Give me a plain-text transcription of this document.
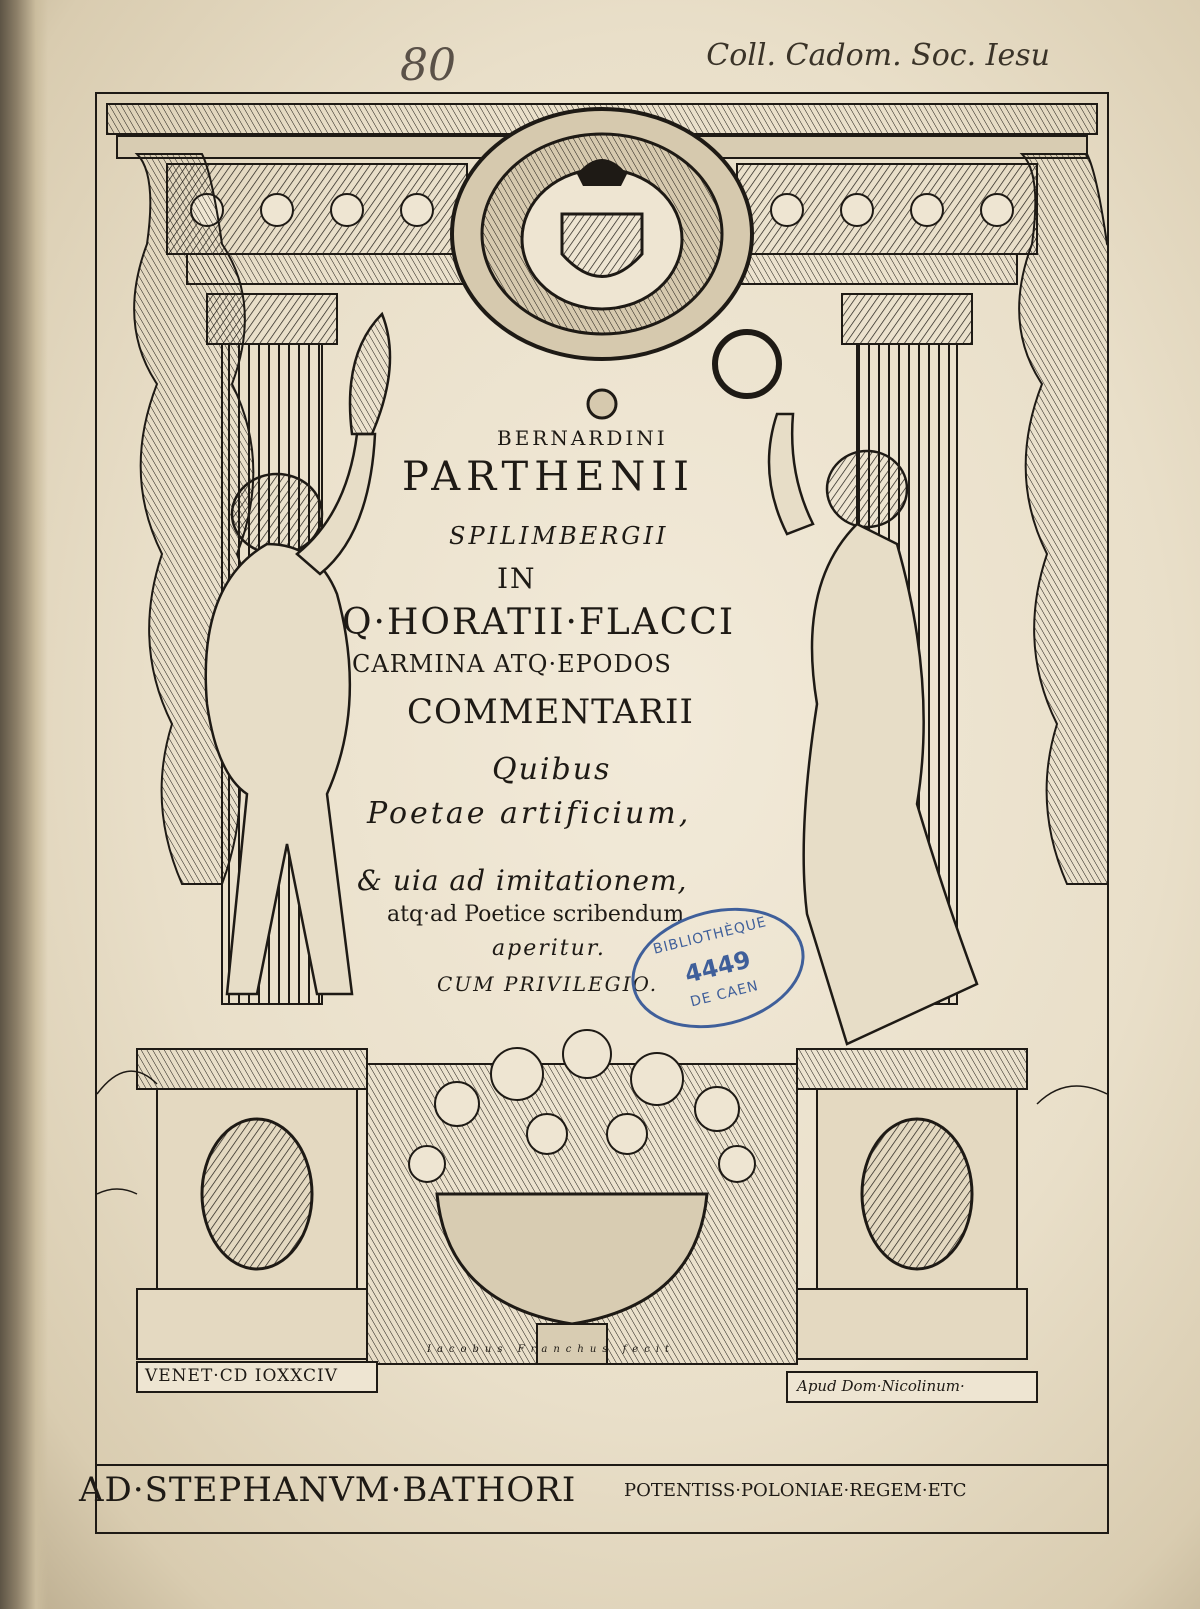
80	Coll. Cadom. Soc. Iesu
BERNARDINI
PARTHENII
SPILIMBERGII
IN
Q·HORATII·FLACCI
CARMINA ATQ·EPODOS
COMMENTARII
Quibus
Poetae artificium,
& uia ad imitationem,
atq·ad Poetice scribendum
aperitur.
CUM PRIVILEGIO.
VENET·CD IOXXCIV	Apud Dom·Nicolinum·
Iacobus Franchus fecit
AD·STEPHANVM·BATHORI	POTENTISS·POLONIAE·REGEM·ETC
BIBLIOTHÈQUE
4449
DE CAEN
